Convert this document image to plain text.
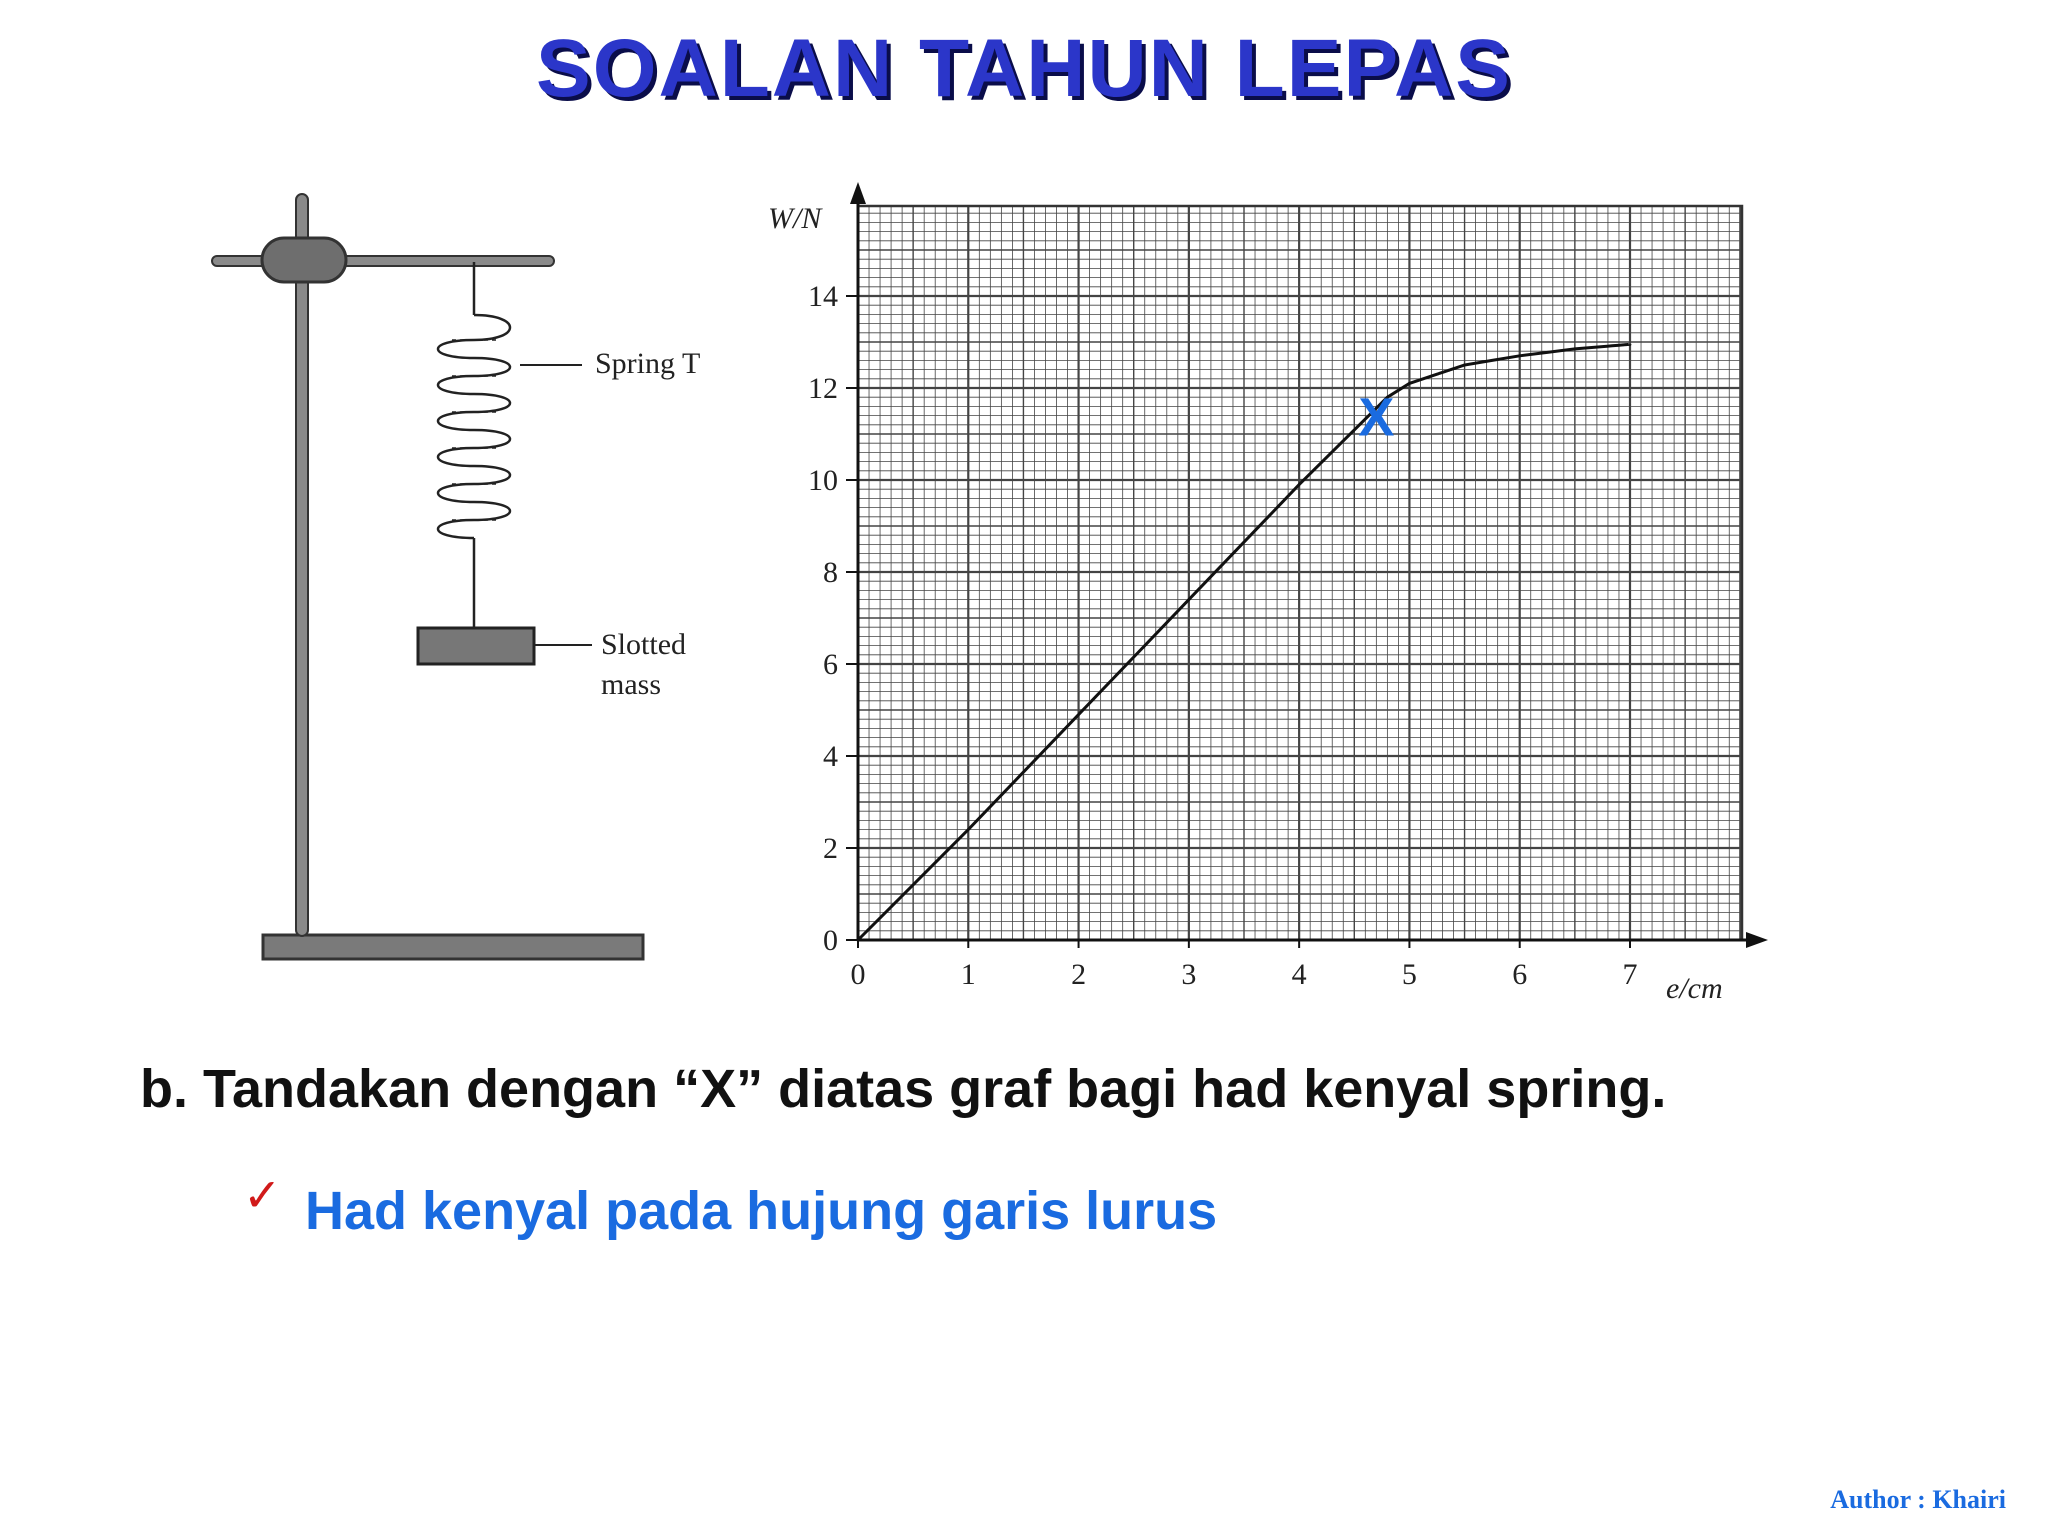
SOALAN TAHUN LEPAS
Spring T
Slotted
mass
0	1	2	3	4	5	6	7
0
2
4
6
8
10
12
14
W/N
e/cm
X
b. Tandakan dengan “X” diatas graf bagi had kenyal spring.
✓ Had kenyal pada hujung garis lurus
Author : Khairi
